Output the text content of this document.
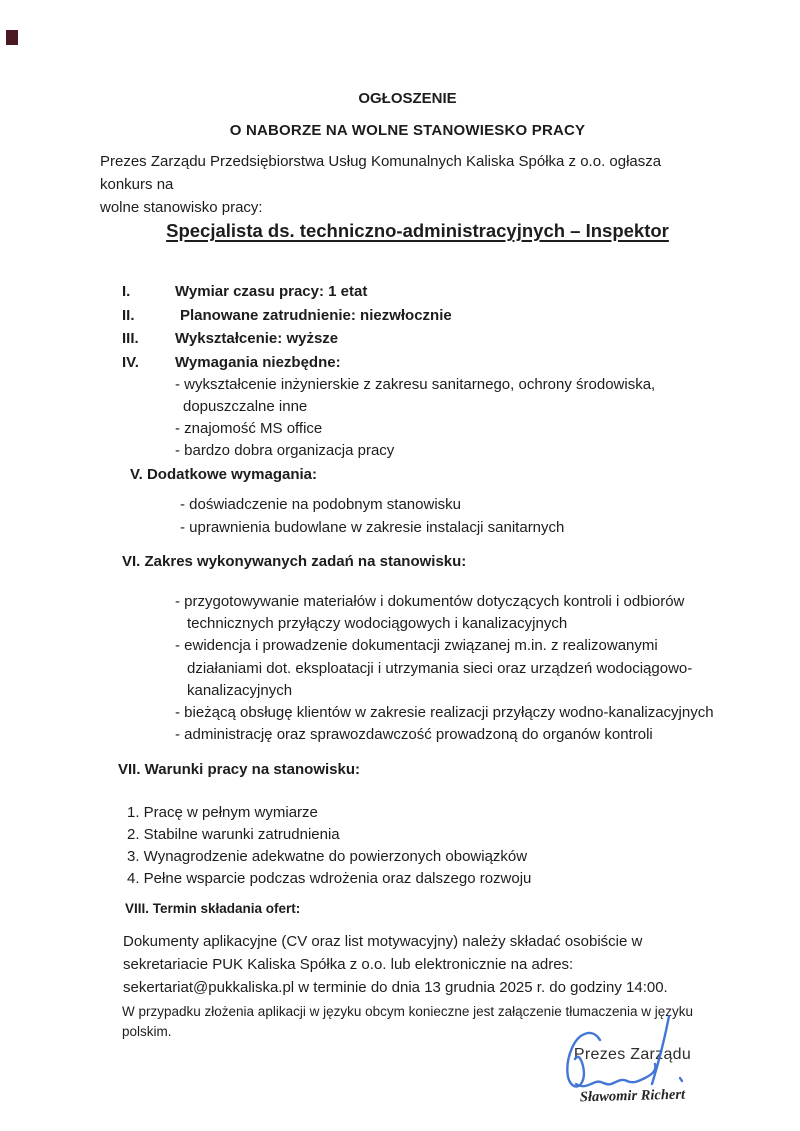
OGŁOSZENIE
O NABORZE NA WOLNE STANOWIESKO PRACY
Prezes Zarządu Przedsiębiorstwa Usług Komunalnych Kaliska Spółka z o.o. ogłasza konkurs na
wolne stanowisko pracy:
Specjalista ds. techniczno-administracyjnych – Inspektor
I.	Wymiar czasu pracy: 1 etat
II.	Planowane zatrudnienie: niezwłocznie
III.	Wykształcenie: wyższe
IV.	Wymagania niezbędne:
- wykształcenie inżynierskie z zakresu sanitarnego, ochrony środowiska,
dopuszczalne inne
- znajomość MS office
- bardzo dobra organizacja pracy
V. Dodatkowe wymagania:
- doświadczenie na podobnym stanowisku
- uprawnienia budowlane w zakresie instalacji sanitarnych
VI. Zakres wykonywanych zadań na stanowisku:
- przygotowywanie materiałów i dokumentów dotyczących kontroli i odbiorów
technicznych przyłączy wodociągowych i kanalizacyjnych
- ewidencja i prowadzenie dokumentacji związanej m.in. z realizowanymi
działaniami dot. eksploatacji i utrzymania sieci oraz urządzeń wodociągowo-
kanalizacyjnych
- bieżącą obsługę klientów w zakresie realizacji przyłączy wodno-kanalizacyjnych
- administrację oraz sprawozdawczość prowadzoną do organów kontroli
VII. Warunki pracy na stanowisku:
1. Pracę w pełnym wymiarze
2. Stabilne warunki zatrudnienia
3. Wynagrodzenie adekwatne do powierzonych obowiązków
4. Pełne wsparcie podczas wdrożenia oraz dalszego rozwoju
VIII. Termin składania ofert:
Dokumenty aplikacyjne (CV oraz list motywacyjny) należy składać osobiście w
sekretariacie PUK Kaliska Spółka z o.o. lub elektronicznie na adres:
sekertariat@pukkaliska.pl w terminie do dnia 13 grudnia 2025 r. do godziny 14:00.
W przypadku złożenia aplikacji w języku obcym konieczne jest załączenie tłumaczenia w języku
polskim.
Prezes Zarządu
Sławomir Richert
